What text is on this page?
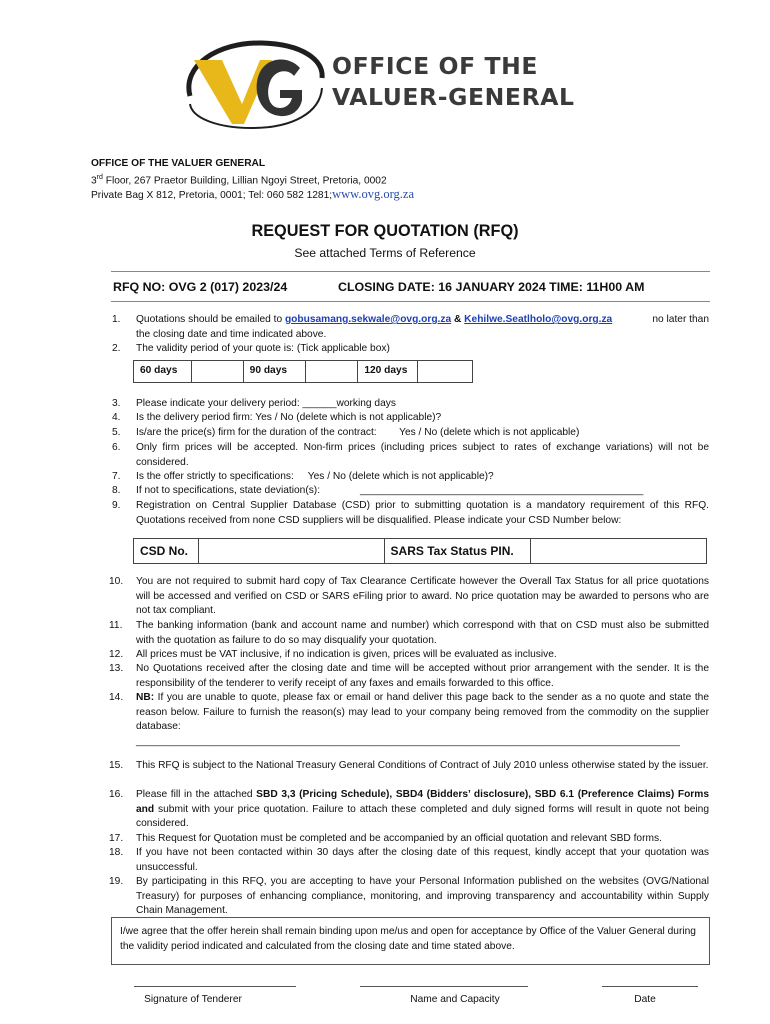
OFFICE OF THE
VALUER-GENERAL
OFFICE OF THE VALUER GENERAL
3rd Floor, 267 Praetor Building, Lillian Ngoyi Street, Pretoria, 0002
Private Bag X 812, Pretoria, 0001; Tel: 060 582 1281;www.ovg.org.za
REQUEST FOR QUOTATION (RFQ)
See attached Terms of Reference
RFQ NO: OVG 2 (017) 2023/24	CLOSING DATE: 16 JANUARY 2024 TIME: 11H00 AM
1. Quotations should be emailed to gobusamang.sekwale@ovg.org.za & Kehilwe.Seatlholo@ovg.org.za	no later than
the closing date and time indicated above.
2. The validity period of your quote is: (Tick applicable box)
60 days		90 days		120 days	
3. Please indicate your delivery period: ______working days
4. Is the delivery period firm: Yes / No (delete which is not applicable)?
5. Is/are the price(s) firm for the duration of the contract:        Yes / No (delete which is not applicable)
6. Only firm prices will be accepted. Non-firm prices (including prices subject to rates of exchange variations) will not be considered.
7. Is the offer strictly to specifications:     Yes / No (delete which is not applicable)?
8. If not to specifications, state deviation(s):	__________________________________________________
9. Registration on Central Supplier Database (CSD) prior to submitting quotation is a mandatory requirement of this RFQ. Quotations received from none CSD suppliers will be disqualified. Please indicate your CSD Number below:
CSD No.		SARS Tax Status PIN.	
10. You are not required to submit hard copy of Tax Clearance Certificate however the Overall Tax Status for all price quotations will be accessed and verified on CSD or SARS eFiling prior to award. No price quotation may be awarded to persons who are not tax compliant.
11. The banking information (bank and account name and number) which correspond with that on CSD must also be submitted with the quotation as failure to do so may disqualify your quotation.
12. All prices must be VAT inclusive, if no indication is given, prices will be evaluated as inclusive.
13. No Quotations received after the closing date and time will be accepted without prior arrangement with the sender. It is the responsibility of the tenderer to verify receipt of any faxes and emails forwarded to this office.
14. NB: If you are unable to quote, please fax or email or hand deliver this page back to the sender as a no quote and state the reason below. Failure to furnish the reason(s) may lead to your company being removed from the commodity on the supplier database:
________________________________________________________________________________________________
15. This RFQ is subject to the National Treasury General Conditions of Contract of July 2010 unless otherwise stated by the issuer.
16. Please fill in the attached SBD 3,3 (Pricing Schedule), SBD4 (Bidders’ disclosure), SBD 6.1 (Preference Claims) Forms and submit with your price quotation. Failure to attach these completed and duly signed forms will result in quote not being considered.
17. This Request for Quotation must be completed and be accompanied by an official quotation and relevant SBD forms.
18. If you have not been contacted within 30 days after the closing date of this request, kindly accept that your quotation was unsuccessful.
19. By participating in this RFQ, you are accepting to have your Personal Information published on the websites (OVG/National Treasury) for purposes of enhancing compliance, monitoring, and improving transparency and accountability within Supply Chain Management.
I/we agree that the offer herein shall remain binding upon me/us and open for acceptance by Office of the Valuer General during the validity period indicated and calculated from the closing date and time stated above.
Signature of Tenderer	Name and Capacity	Date
